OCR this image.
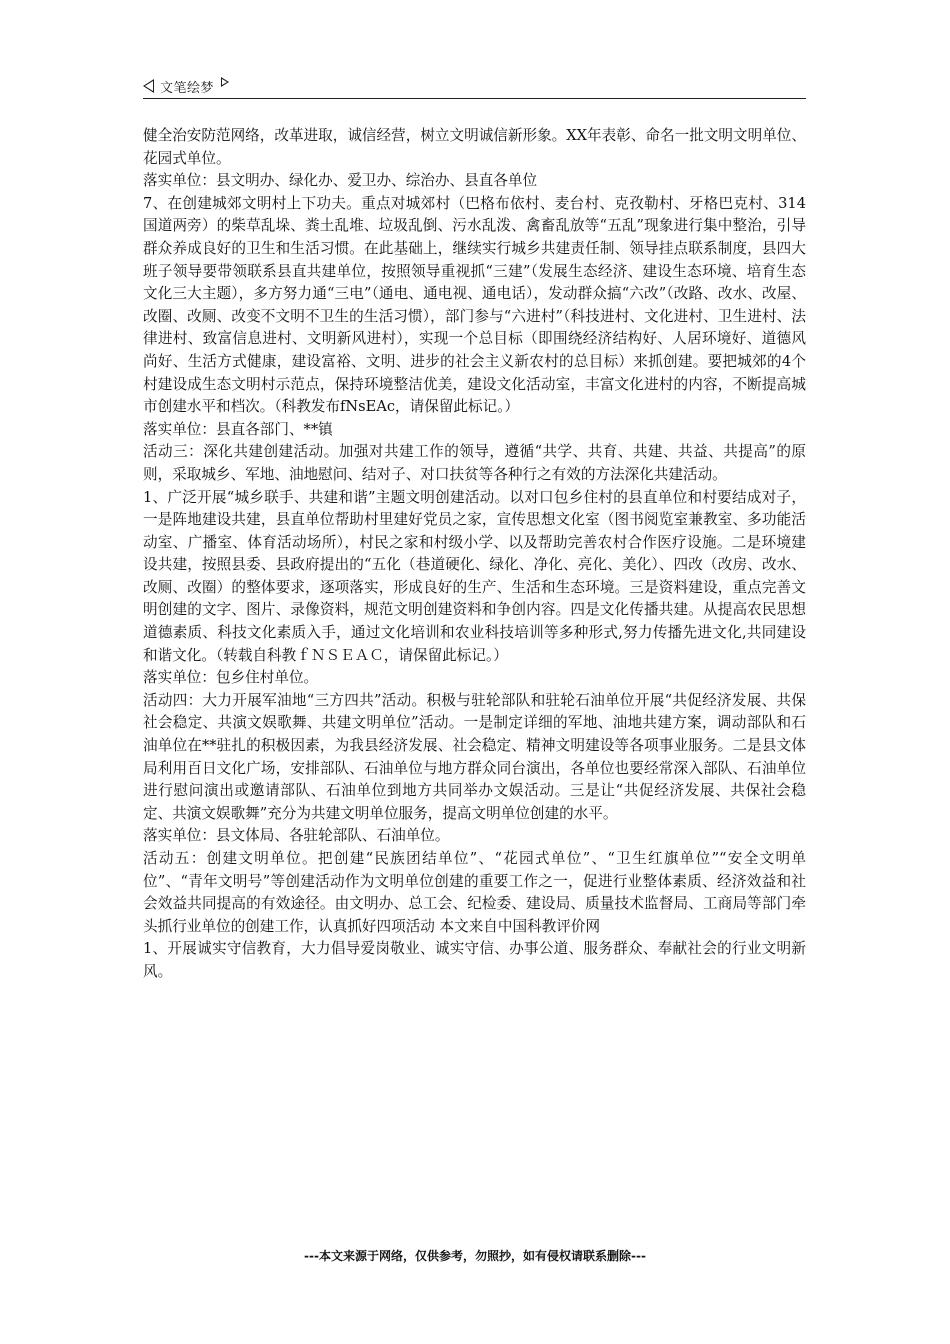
文笔绘梦

健全治安防范网络，改革进取，诚信经营，树立文明诚信新形象。XX年表彰、命名一批文明文明单位、花园式单位。

落实单位：县文明办、绿化办、爱卫办、综治办、县直各单位

7、在创建城郊文明村上下功夫。重点对城郊村（巴格布依村、麦台村、克孜勒村、牙格巴克村、314国道两旁）的柴草乱垛、粪土乱堆、垃圾乱倒、污水乱泼、禽畜乱放等“五乱”现象进行集中整治，引导群众养成良好的卫生和生活习惯。在此基础上，继续实行城乡共建责任制、领导挂点联系制度，县四大班子领导要带领联系县直共建单位，按照领导重视抓“三建”（发展生态经济、建设生态环境、培育生态文化三大主题），多方努力通“三电”（通电、通电视、通电话），发动群众搞“六改”（改路、改水、改屋、改圈、改厕、改变不文明不卫生的生活习惯），部门参与“六进村”（科技进村、文化进村、卫生进村、法律进村、致富信息进村、文明新风进村），实现一个总目标（即围绕经济结构好、人居环境好、道德风尚好、生活方式健康，建设富裕、文明、进步的社会主义新农村的总目标）来抓创建。要把城郊的4个村建设成生态文明村示范点，保持环境整洁优美，建设文化活动室，丰富文化进村的内容，不断提高城市创建水平和档次。（科教发布fNsEAc，请保留此标记。）

落实单位：县直各部门、**镇

活动三：深化共建创建活动。加强对共建工作的领导，遵循“共学、共育、共建、共益、共提高”的原则，采取城乡、军地、油地慰问、结对子、对口扶贫等各种行之有效的方法深化共建活动。

1、广泛开展“城乡联手、共建和谐”主题文明创建活动。以对口包乡住村的县直单位和村要结成对子，一是阵地建设共建，县直单位帮助村里建好党员之家，宣传思想文化室（图书阅览室兼教室、多功能活动室、广播室、体育活动场所），村民之家和村级小学、以及帮助完善农村合作医疗设施。二是环境建设共建，按照县委、县政府提出的“五化（巷道硬化、绿化、净化、亮化、美化）、四改（改房、改水、改厕、改圈）的整体要求，逐项落实，形成良好的生产、生活和生态环境。三是资料建设，重点完善文明创建的文字、图片、录像资料，规范文明创建资料和争创内容。四是文化传播共建。从提高农民思想道德素质、科技文化素质入手，通过文化培训和农业科技培训等多种形式,努力传播先进文化,共同建设和谐文化。（转载自科教ｆＮＳＥＡＣ，请保留此标记。）

落实单位：包乡住村单位。

活动四：大力开展军油地“三方四共”活动。积极与驻轮部队和驻轮石油单位开展“共促经济发展、共保社会稳定、共演文娱歌舞、共建文明单位”活动。一是制定详细的军地、油地共建方案，调动部队和石油单位在**驻扎的积极因素，为我县经济发展、社会稳定、精神文明建设等各项事业服务。二是县文体局利用百日文化广场，安排部队、石油单位与地方群众同台演出，各单位也要经常深入部队、石油单位进行慰问演出或邀请部队、石油单位到地方共同举办文娱活动。三是让“共促经济发展、共保社会稳定、共演文娱歌舞”充分为共建文明单位服务，提高文明单位创建的水平。

落实单位：县文体局、各驻轮部队、石油单位。

活动五：创建文明单位。把创建“民族团结单位”、“花园式单位”、“卫生红旗单位”“安全文明单位”、“青年文明号”等创建活动作为文明单位创建的重要工作之一，促进行业整体素质、经济效益和社会效益共同提高的有效途径。由文明办、总工会、纪检委、建设局、质量技术监督局、工商局等部门牵头抓行业单位的创建工作，认真抓好四项活动 本文来自中国科教评价网

1、开展诚实守信教育，大力倡导爱岗敬业、诚实守信、办事公道、服务群众、奉献社会的行业文明新风。

---本文来源于网络，仅供参考，勿照抄，如有侵权请联系删除---
